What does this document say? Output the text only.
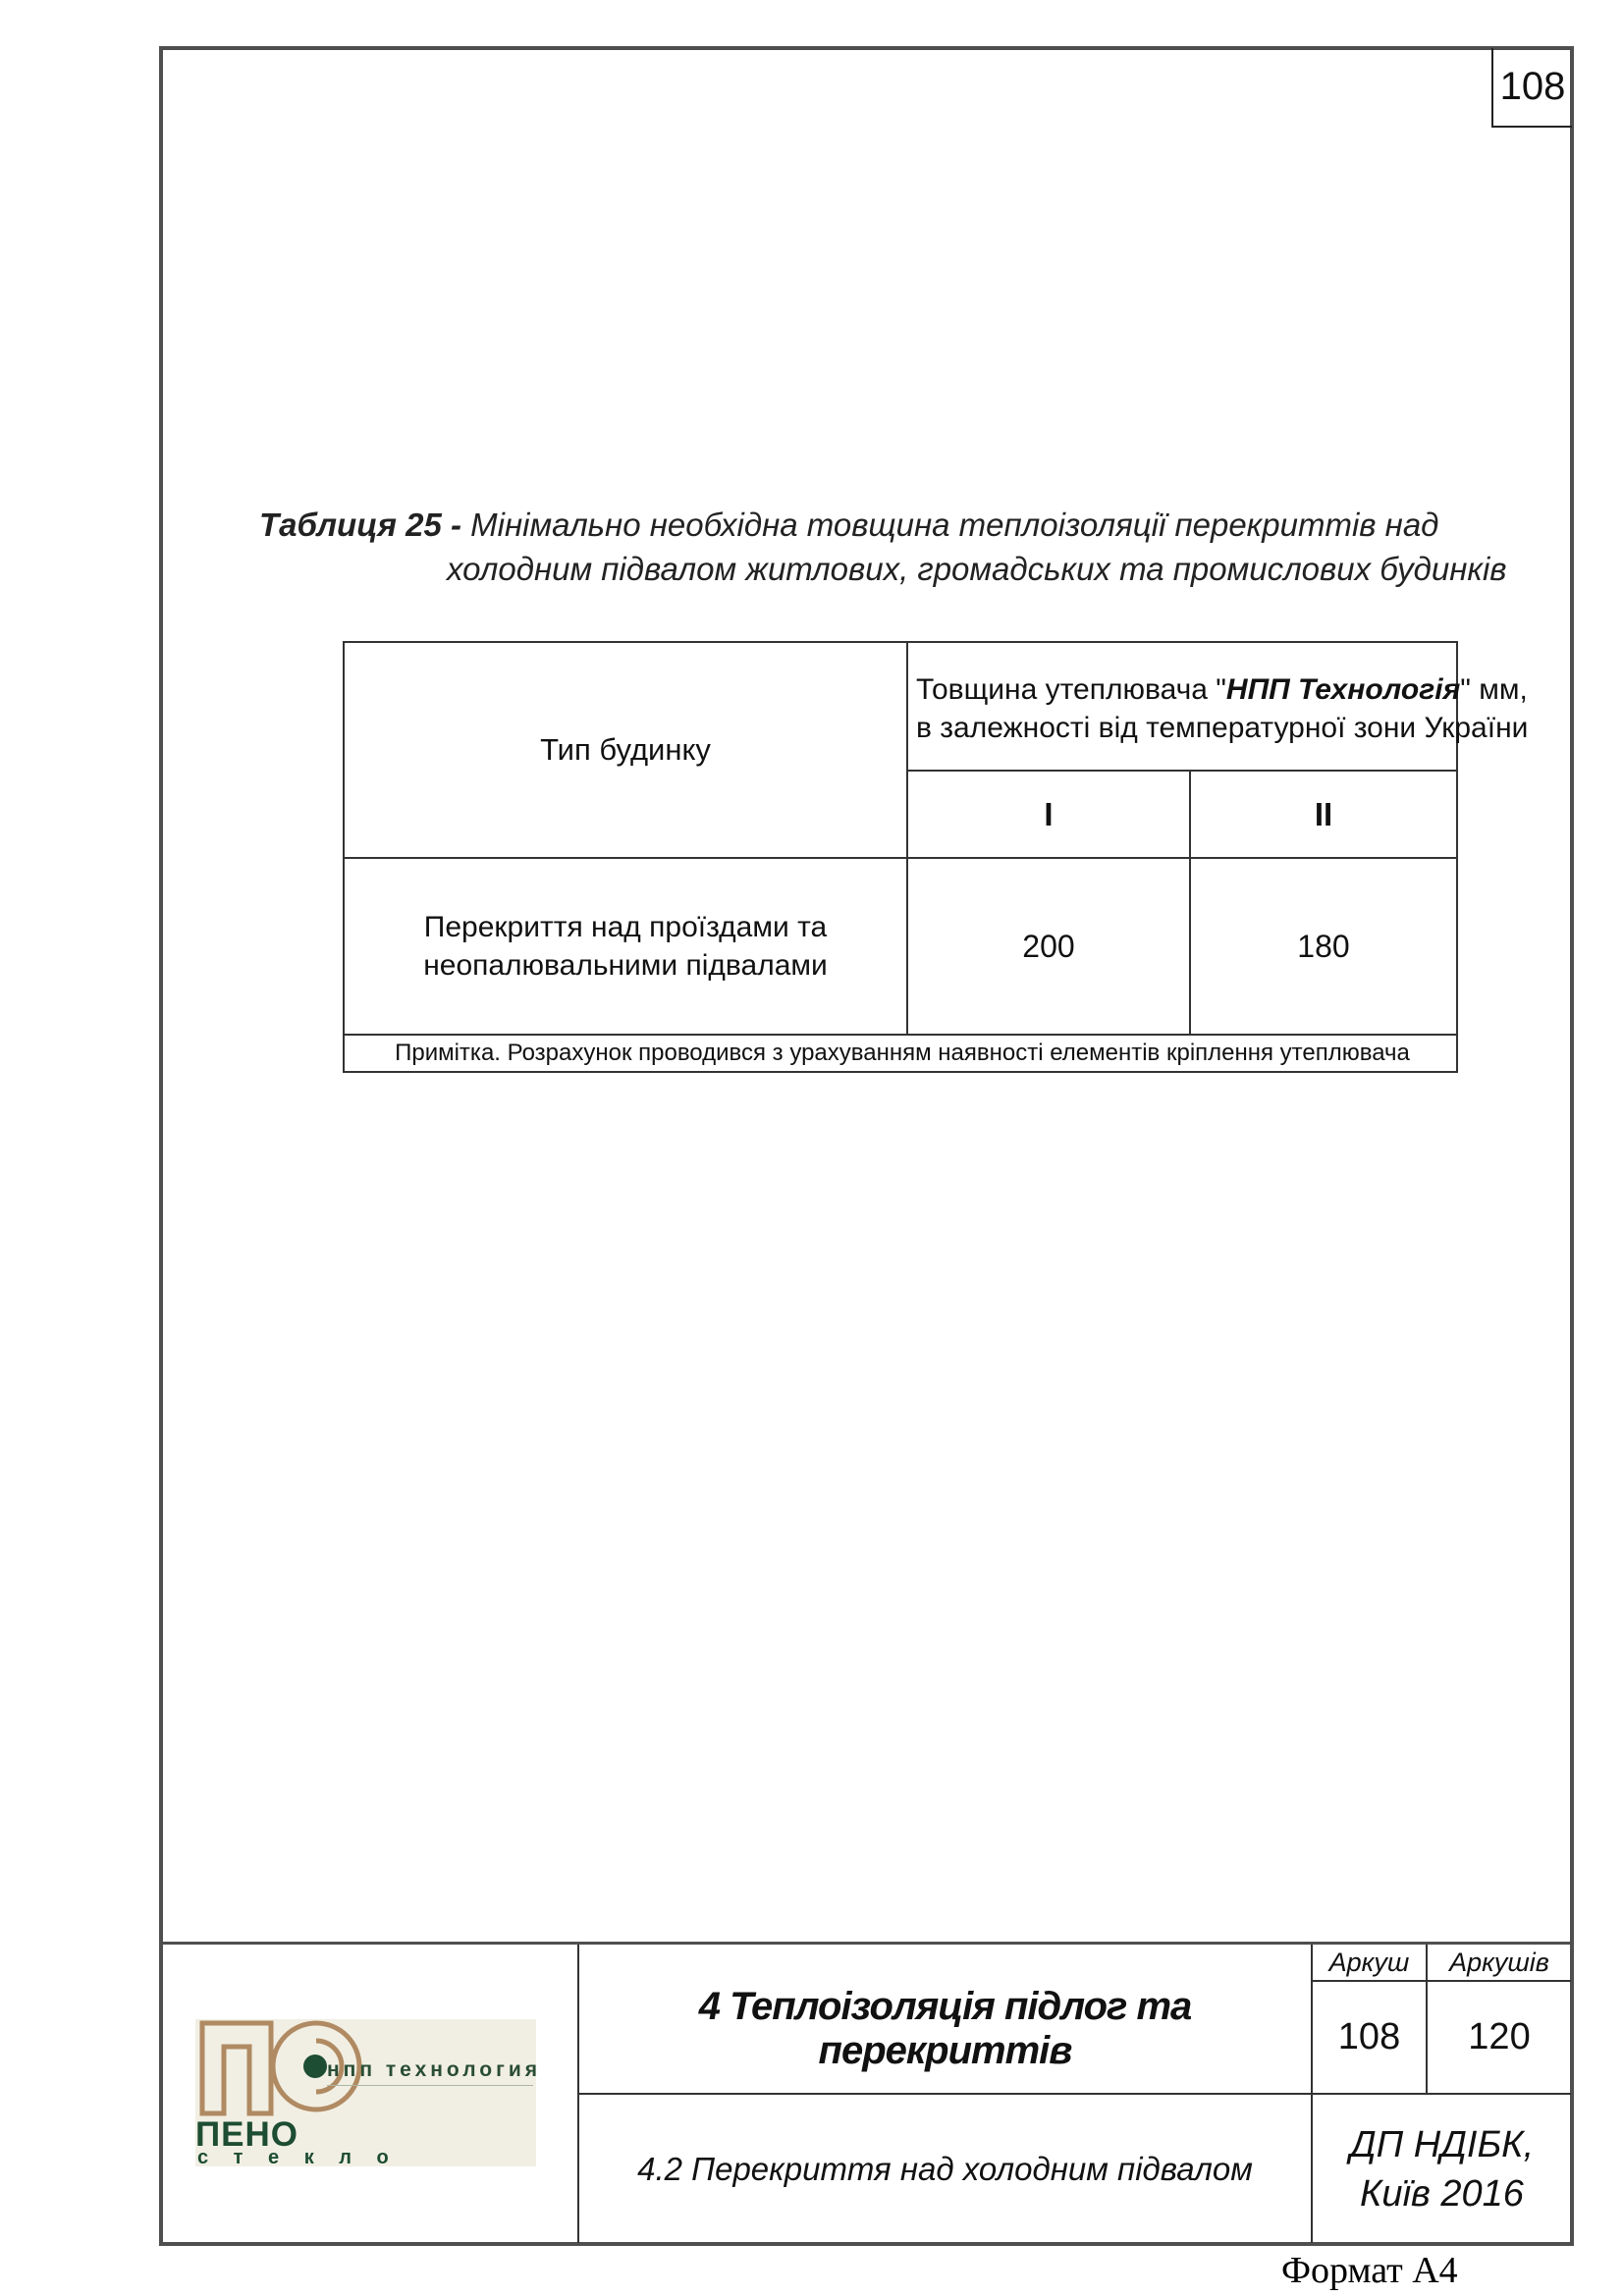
108
Таблиця 25 - Мінімально необхідна товщина теплоізоляції перекриттів над
холодним підвалом житлових, громадських та промислових будинків
Тип будинку	Товщина утеплювача "НПП Технологія" мм,
в залежності від температурної зони України	

	I	II
Перекриття над проїздами та неопалювальними підвалами	200	180
Примітка. Розрахунок проводився з урахуванням наявності елементів кріплення утеплювача		
нпп технология
ПЕНО
с т е к л о
4 Теплоізоляція підлог та перекриттів
4.2 Перекриття над холодним підвалом
Аркуш	Аркушів
108	120
ДП НДІБК,
Київ 2016
Формат А4
